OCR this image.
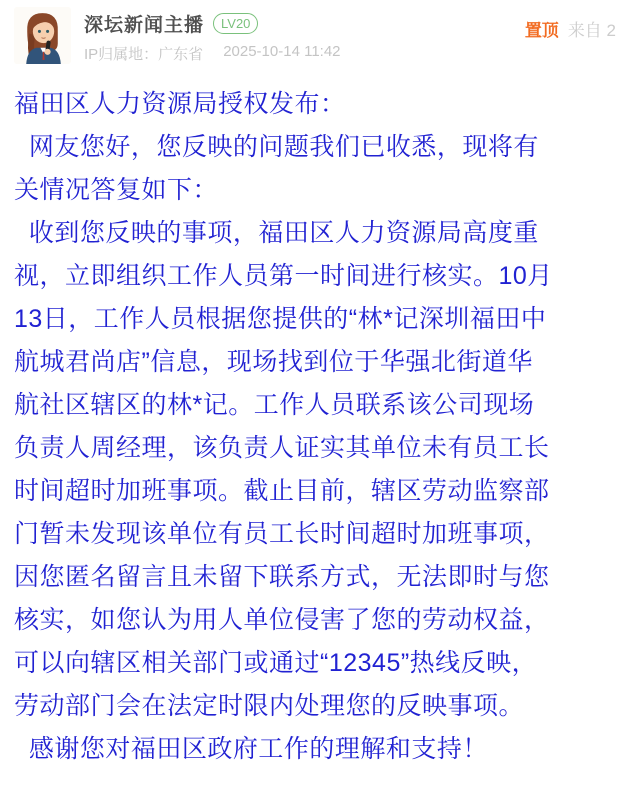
深坛新闻主播	LV20
IP归属地：广东省 2025-10-14 11:42
置顶 来自 2
福田区人力资源局授权发布：
网友您好，您反映的问题我们已收悉，现将有
关情况答复如下：
收到您反映的事项，福田区人力资源局高度重
视，立即组织工作人员第一时间进行核实。10月
13日，工作人员根据您提供的“林*记深圳福田中
航城君尚店”信息，现场找到位于华强北街道华
航社区辖区的林*记。工作人员联系该公司现场
负责人周经理，该负责人证实其单位未有员工长
时间超时加班事项。截止目前，辖区劳动监察部
门暂未发现该单位有员工长时间超时加班事项，
因您匿名留言且未留下联系方式，无法即时与您
核实，如您认为用人单位侵害了您的劳动权益，
可以向辖区相关部门或通过“12345”热线反映，
劳动部门会在法定时限内处理您的反映事项。
感谢您对福田区政府工作的理解和支持！
